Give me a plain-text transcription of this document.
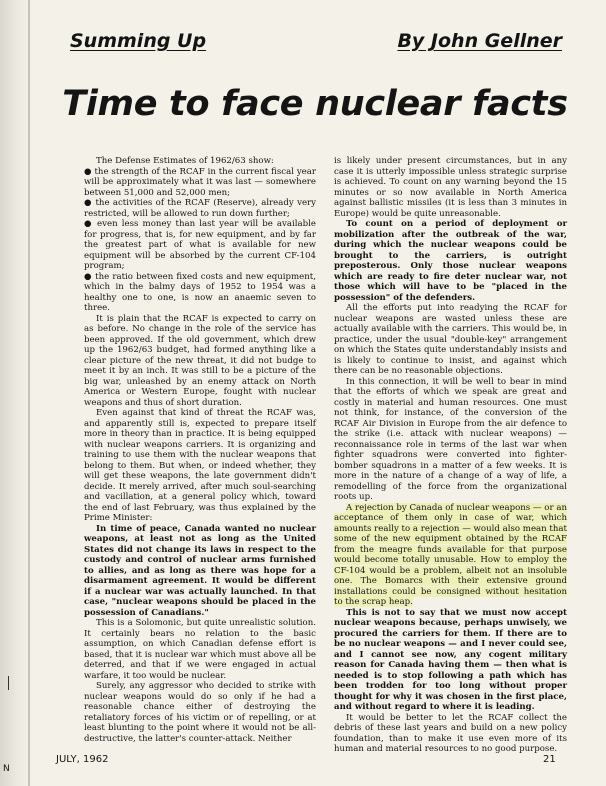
Summing Up	By John Gellner
Time to face nuclear facts

The Defense Estimates of 1962/63 show:

● the strength of the RCAF in the current fiscal year will be approximately what it was last — somewhere between 51,000 and 52,000 men;

● the activities of the RCAF (Reserve), already very restricted, will be allowed to run down further;

● even less money than last year will be available for progress, that is, for new equipment, and by far the greatest part of what is available for new equipment will be absorbed by the current CF-104 program;

● the ratio between fixed costs and new equipment, which in the balmy days of 1952 to 1954 was a healthy one to one, is now an anaemic seven to three.

It is plain that the RCAF is expected to carry on as before. No change in the role of the service has been approved. If the old government, which drew up the 1962/63 budget, had formed anything like a clear picture of the new threat, it did not budge to meet it by an inch. It was still to be a picture of the big war, unleashed by an enemy attack on North America or Western Europe, fought with nuclear weapons and thus of short duration.

Even against that kind of threat the RCAF was, and apparently still is, expected to prepare itself more in theory than in practice. It is being equipped with nuclear weapons carriers. It is organizing and training to use them with the nuclear weapons that belong to them. But when, or indeed whether, they will get these weapons, the late government didn't decide. It merely arrived, after much soul-searching and vacillation, at a general policy which, toward the end of last February, was thus explained by the Prime Minister:

In time of peace, Canada wanted no nuclear weapons, at least not as long as the United States did not change its laws in respect to the custody and control of nuclear arms furnished to allies, and as long as there was hope for a disarmament agreement. It would be different if a nuclear war was actually launched. In that case, "nuclear weapons should be placed in the possession of Canadians."

This is a Solomonic, but quite unrealistic solution. It certainly bears no relation to the basic assumption, on which Canadian defense effort is based, that it is nuclear war which must above all be deterred, and that if we were engaged in actual warfare, it too would be nuclear.

Surely, any aggressor who decided to strike with nuclear weapons would do so only if he had a reasonable chance either of destroying the retaliatory forces of his victim or of repelling, or at least blunting to the point where it would not be all-destructive, the latter's counter-attack. Neither

is likely under present circumstances, but in any case it is utterly impossible unless strategic surprise is achieved. To count on any warning beyond the 15 minutes or so now available in North America against ballistic missiles (it is less than 3 minutes in Europe) would be quite unreasonable.

To count on a period of deployment or mobilization after the outbreak of the war, during which the nuclear weapons could be brought to the carriers, is outright preposterous. Only those nuclear weapons which are ready to fire deter nuclear war, not those which will have to be "placed in the possession" of the defenders.

All the efforts put into readying the RCAF for nuclear weapons are wasted unless these are actually available with the carriers. This would be, in practice, under the usual "double-key" arrangement on which the States quite understandably insists and is likely to continue to insist, and against which there can be no reasonable objections.

In this connection, it will be well to bear in mind that the efforts of which we speak are great and costly in material and human resources. One must not think, for instance, of the conversion of the RCAF Air Division in Europe from the air defence to the strike (i.e. attack with nuclear weapons) — reconnaissance role in terms of the last war when fighter squadrons were converted into fighter-bomber squadrons in a matter of a few weeks. It is more in the nature of a change of a way of life, a remodelling of the force from the organizational roots up.

A rejection by Canada of nuclear weapons — or an acceptance of them only in case of war, which amounts really to a rejection — would also mean that some of the new equipment obtained by the RCAF from the meagre funds available for that purpose would become totally unusable. How to employ the CF-104 would be a problem, albeit not an insoluble one. The Bomarcs with their extensive ground installations could be consigned without hesitation to the scrap heap.

This is not to say that we must now accept nuclear weapons because, perhaps unwisely, we procured the carriers for them. If there are to be no nuclear weapons — and I never could see, and I cannot see now, any cogent military reason for Canada having them — then what is needed is to stop following a path which has been trodden for too long without proper thought for why it was chosen in the first place, and without regard to where it is leading.

It would be better to let the RCAF collect the debris of these last years and build on a new policy foundation, than to make it use even more of its human and material resources to no good purpose.

JULY, 1962	21
N
